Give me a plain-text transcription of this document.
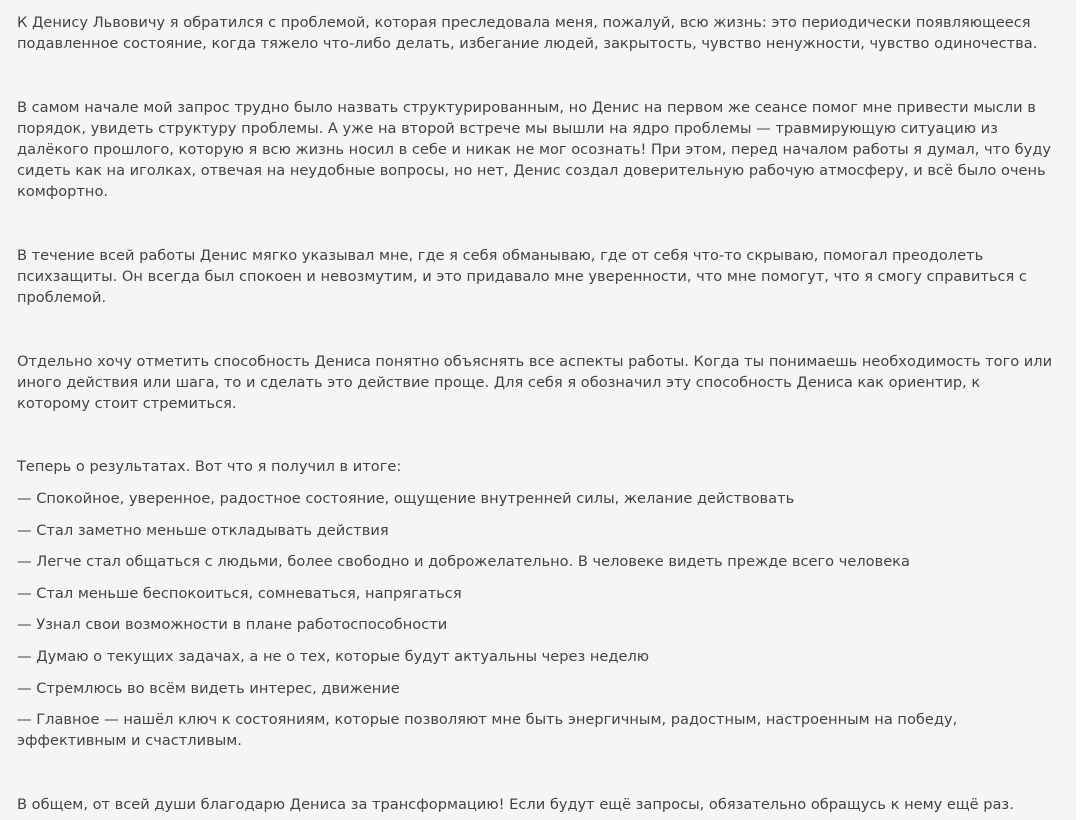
К Денису Львовичу я обратился с проблемой, которая преследовала меня, пожалуй, всю жизнь: это периодически появляющееся подавленное состояние, когда тяжело что-либо делать, избегание людей, закрытость, чувство ненужности, чувство одиночества.

В самом начале мой запрос трудно было назвать структурированным, но Денис на первом же сеансе помог мне привести мысли в порядок, увидеть структуру проблемы. А уже на второй встрече мы вышли на ядро проблемы — травмирующую ситуацию из далёкого прошлого, которую я всю жизнь носил в себе и никак не мог осознать! При этом, перед началом работы я думал, что буду сидеть как на иголках, отвечая на неудобные вопросы, но нет, Денис создал доверительную рабочую атмосферу, и всё было очень комфортно.

В течение всей работы Денис мягко указывал мне, где я себя обманываю, где от себя что-то скрываю, помогал преодолеть психзащиты. Он всегда был спокоен и невозмутим, и это придавало мне уверенности, что мне помогут, что я смогу справиться с проблемой.

Отдельно хочу отметить способность Дениса понятно объяснять все аспекты работы. Когда ты понимаешь необходимость того или иного действия или шага, то и сделать это действие проще. Для себя я обозначил эту способность Дениса как ориентир, к которому стоит стремиться.

Теперь о результатах. Вот что я получил в итоге:

— Спокойное, уверенное, радостное состояние, ощущение внутренней силы, желание действовать

— Стал заметно меньше откладывать действия

— Легче стал общаться с людьми, более свободно и доброжелательно. В человеке видеть прежде всего человека

— Стал меньше беспокоиться, сомневаться, напрягаться

— Узнал свои возможности в плане работоспособности

— Думаю о текущих задачах, а не о тех, которые будут актуальны через неделю

— Стремлюсь во всём видеть интерес, движение

— Главное — нашёл ключ к состояниям, которые позволяют мне быть энергичным, радостным, настроенным на победу, эффективным и счастливым.

В общем, от всей души благодарю Дениса за трансформацию! Если будут ещё запросы, обязательно обращусь к нему ещё раз.
